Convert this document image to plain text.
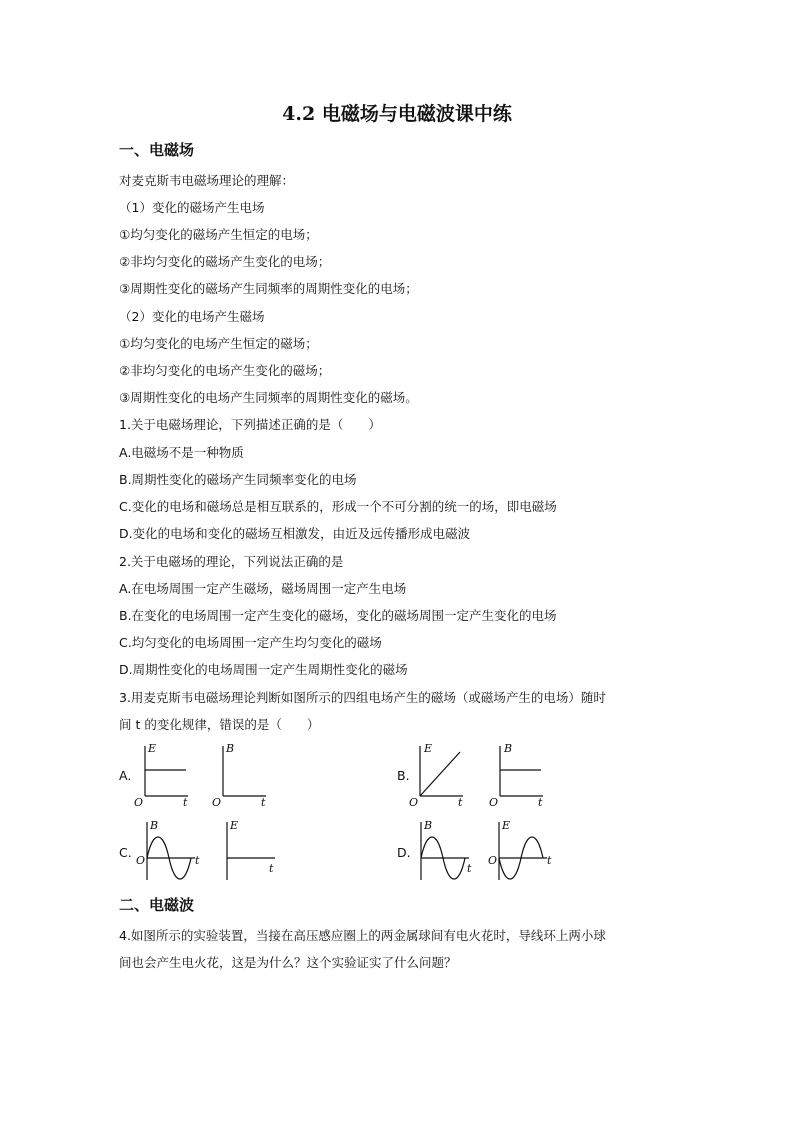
4.2 电磁场与电磁波课中练
一、电磁场
对麦克斯韦电磁场理论的理解：
（1）变化的磁场产生电场
①均匀变化的磁场产生恒定的电场；
②非均匀变化的磁场产生变化的电场；
③周期性变化的磁场产生同频率的周期性变化的电场；
（2）变化的电场产生磁场
①均匀变化的电场产生恒定的磁场；
②非均匀变化的电场产生变化的磁场；
③周期性变化的电场产生同频率的周期性变化的磁场。
1.关于电磁场理论，下列描述正确的是（　　）
A.电磁场不是一种物质
B.周期性变化的磁场产生同频率变化的电场
C.变化的电场和磁场总是相互联系的，形成一个不可分割的统一的场，即电磁场
D.变化的电场和变化的磁场互相激发，由近及远传播形成电磁波
2.关于电磁场的理论，下列说法正确的是
A.在电场周围一定产生磁场，磁场周围一定产生电场
B.在变化的电场周围一定产生变化的磁场，变化的磁场周围一定产生变化的电场
C.均匀变化的电场周围一定产生均匀变化的磁场
D.周期性变化的电场周围一定产生周期性变化的磁场
3.用麦克斯韦电磁场理论判断如图所示的四组电场产生的磁场（或磁场产生的电场）随时
间 t 的变化规律，错误的是（　　）
A.
E
O	t
B
O	t
B.
E
O	t
B
O	t
C.
B
O	t
E
t
D.
B
t
E
O	t
二、电磁波
4.如图所示的实验装置，当接在高压感应圈上的两金属球间有电火花时，导线环上两小球
间也会产生电火花，这是为什么？这个实验证实了什么问题？
